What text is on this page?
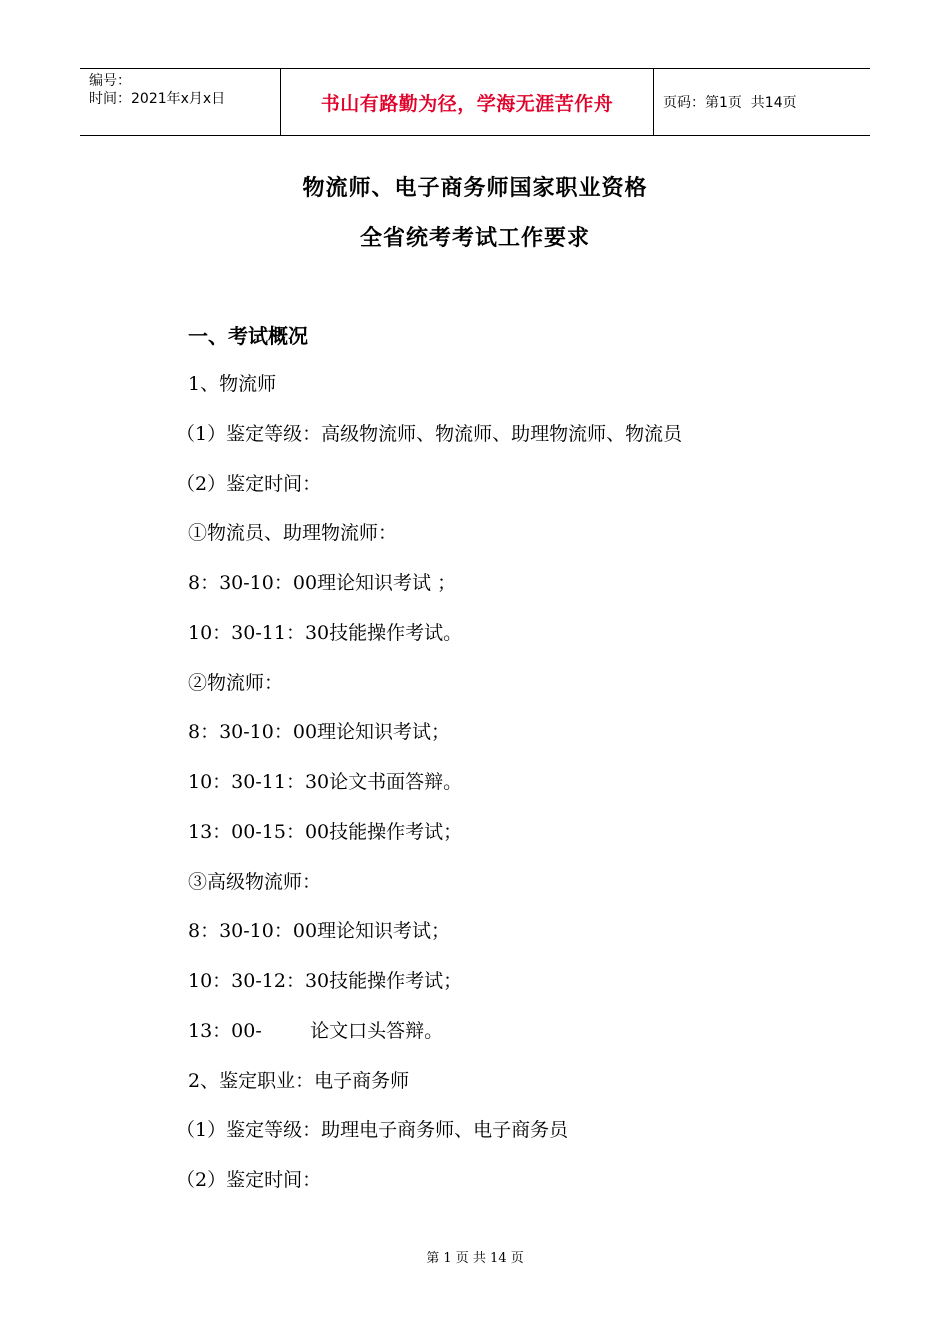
编号：
时间：2021年x月x日	书山有路勤为径，学海无涯苦作舟	页码：第1页  共14页
物流师、电子商务师国家职业资格
全省统考考试工作要求
一、考试概况
1、物流师
（1）鉴定等级：高级物流师、物流师、助理物流师、物流员
（2）鉴定时间：
①物流员、助理物流师：
8：30-10：00理论知识考试 ；
10：30-11：30技能操作考试。
②物流师：
8：30-10：00理论知识考试；
10：30-11：30论文书面答辩。
13：00-15：00技能操作考试；
③高级物流师：
8：30-10：00理论知识考试；
10：30-12：30技能操作考试；
13：00-        论文口头答辩。
2、鉴定职业：电子商务师
（1）鉴定等级：助理电子商务师、电子商务员
（2）鉴定时间：
第 1 页 共 14 页
